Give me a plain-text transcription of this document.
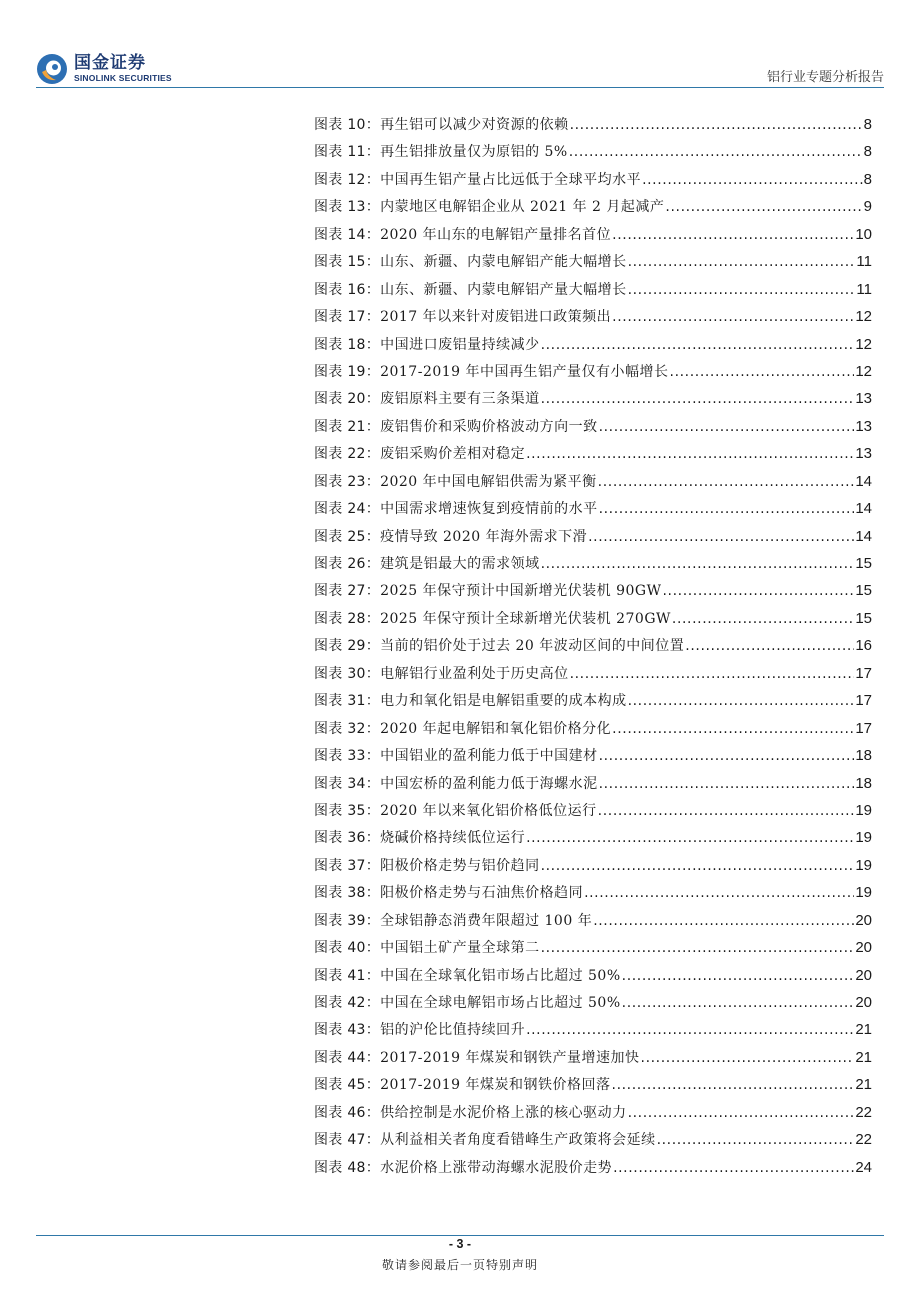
国金证券
SINOLINK SECURITIES	铝行业专题分析报告
图表 10： 再生铝可以减少对资源的依赖 .....	8
图表 11： 再生铝排放量仅为原铝的 5% .....	8
图表 12： 中国再生铝产量占比远低于全球平均水平 .....	8
图表 13： 内蒙地区电解铝企业从 2021 年 2 月起减产 .....	9
图表 14： 2020 年山东的电解铝产量排名首位 .....	10
图表 15： 山东、新疆、内蒙电解铝产能大幅增长 .....	11
图表 16： 山东、新疆、内蒙电解铝产量大幅增长 .....	11
图表 17： 2017 年以来针对废铝进口政策频出 .....	12
图表 18： 中国进口废铝量持续减少 .....	12
图表 19： 2017-2019 年中国再生铝产量仅有小幅增长 .....	12
图表 20： 废铝原料主要有三条渠道 .....	13
图表 21： 废铝售价和采购价格波动方向一致 .....	13
图表 22： 废铝采购价差相对稳定 .....	13
图表 23： 2020 年中国电解铝供需为紧平衡 .....	14
图表 24： 中国需求增速恢复到疫情前的水平 .....	14
图表 25： 疫情导致 2020 年海外需求下滑 .....	14
图表 26： 建筑是铝最大的需求领域 .....	15
图表 27： 2025 年保守预计中国新增光伏装机 90GW .....	15
图表 28： 2025 年保守预计全球新增光伏装机 270GW .....	15
图表 29： 当前的铝价处于过去 20 年波动区间的中间位置 .....	16
图表 30： 电解铝行业盈利处于历史高位 .....	17
图表 31： 电力和氧化铝是电解铝重要的成本构成 .....	17
图表 32： 2020 年起电解铝和氧化铝价格分化 .....	17
图表 33： 中国铝业的盈利能力低于中国建材 .....	18
图表 34： 中国宏桥的盈利能力低于海螺水泥 .....	18
图表 35： 2020 年以来氧化铝价格低位运行 .....	19
图表 36： 烧碱价格持续低位运行 .....	19
图表 37： 阳极价格走势与铝价趋同 .....	19
图表 38： 阳极价格走势与石油焦价格趋同 .....	19
图表 39： 全球铝静态消费年限超过 100 年 .....	20
图表 40： 中国铝土矿产量全球第二 .....	20
图表 41： 中国在全球氧化铝市场占比超过 50% .....	20
图表 42： 中国在全球电解铝市场占比超过 50% .....	20
图表 43： 铝的沪伦比值持续回升 .....	21
图表 44： 2017-2019 年煤炭和钢铁产量增速加快 .....	21
图表 45： 2017-2019 年煤炭和钢铁价格回落 .....	21
图表 46： 供给控制是水泥价格上涨的核心驱动力 .....	22
图表 47： 从利益相关者角度看错峰生产政策将会延续 .....	22
图表 48： 水泥价格上涨带动海螺水泥股价走势 .....	24
- 3 -
敬请参阅最后一页特别声明
